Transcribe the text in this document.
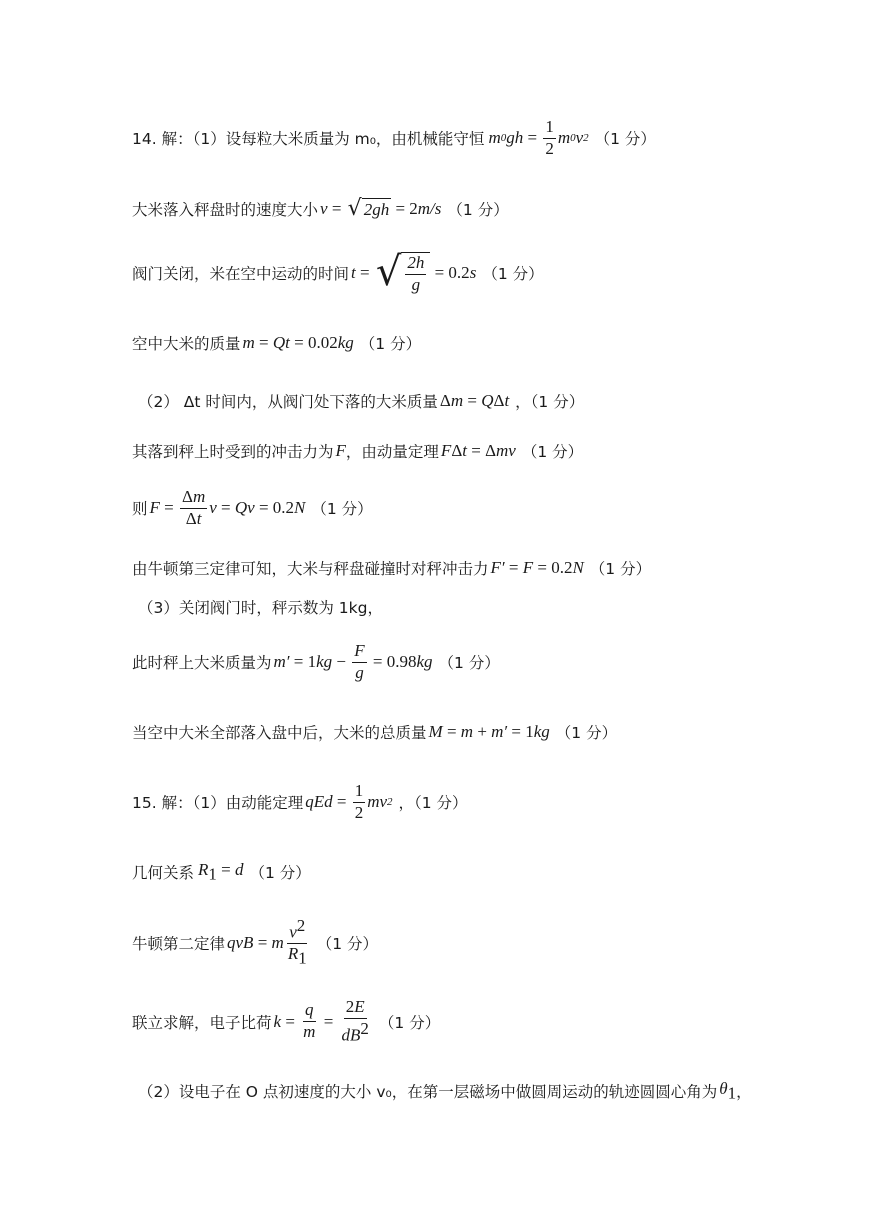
14. 解：（1）设每粒大米质量为 m₀，由机械能守恒 m 0 gh = $\frac{1}{2}$ m 0 v 2 （1 分）
大米落入秤盘时的速度大小 v = √ 2gh = 2 m/s （1 分）
阀门关闭，米在空中运动的时间 t = √ $\frac{2h}{g} = 0.2$ s （1 分）
空中大米的质量 m = Qt = 0.02kg （1 分）
（2） Δt 时间内，从阀门处下落的大米质量 Δm = QΔt ，（1 分）
其落到秤上时受到的冲击力为 F ，由动量定理 FΔt = Δmv （1 分）
则 $F = \frac{\Delta m}{\Delta t}$ v = Qv = 0.2 N （1 分）
由牛顿第三定律可知，大米与秤盘碰撞时对秤冲击力 F′ = F = 0.2N （1 分）
（3）关闭阀门时，秤示数为 1kg，
此时秤上大米质量为 m′ = 1 kg − $\frac{F}{g} = 0.98$ kg （1 分）
当空中大米全部落入盘中后，大米的总质量 M = m + m′ = 1kg （1 分）
15. 解：（1）由动能定理 qEd = $\frac{1}{2}$ mv 2 ，（1 分）
几何关系 $R_1 = d$ （1 分）
牛顿第二定律 qvB = m $\frac{v^2}{R_1} (1$ 分）
联立求解，电子比荷 $k = \frac{q}{m} = \frac{2E}{dB^2} (1$ 分）
（2）设电子在 O 点初速度的大小 v₀，在第一层磁场中做圆周运动的轨迹圆圆心角为 $\theta_1$ ，
